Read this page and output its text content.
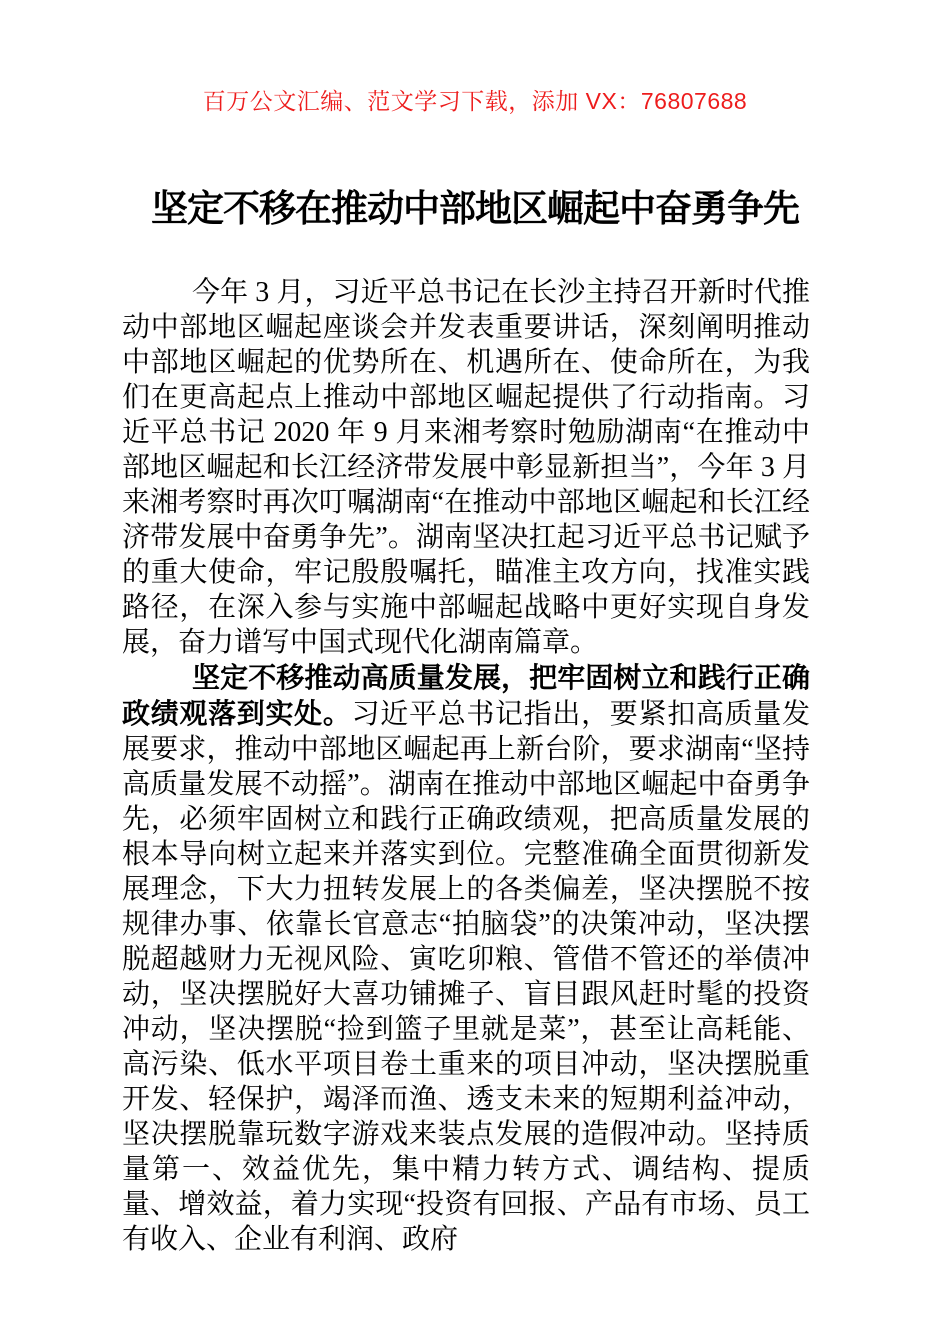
百万公文汇编、范文学习下载，添加 VX：76807688
坚定不移在推动中部地区崛起中奋勇争先

今年 3 月，习近平总书记在长沙主持召开新时代推动中部地区崛起座谈会并发表重要讲话，深刻阐明推动中部地区崛起的优势所在、机遇所在、使命所在，为我们在更高起点上推动中部地区崛起提供了行动指南。习近平总书记 2020 年 9 月来湘考察时勉励湖南“在推动中部地区崛起和长江经济带发展中彰显新担当”，今年 3 月来湘考察时再次叮嘱湖南“在推动中部地区崛起和长江经济带发展中奋勇争先”。湖南坚决扛起习近平总书记赋予的重大使命，牢记殷殷嘱托，瞄准主攻方向，找准实践路径，在深入参与实施中部崛起战略中更好实现自身发展，奋力谱写中国式现代化湖南篇章。

坚定不移推动高质量发展，把牢固树立和践行正确政绩观落到实处。习近平总书记指出，要紧扣高质量发展要求，推动中部地区崛起再上新台阶，要求湖南“坚持高质量发展不动摇”。湖南在推动中部地区崛起中奋勇争先，必须牢固树立和践行正确政绩观，把高质量发展的根本导向树立起来并落实到位。完整准确全面贯彻新发展理念，下大力扭转发展上的各类偏差，坚决摆脱不按规律办事、依靠长官意志“拍脑袋”的决策冲动，坚决摆脱超越财力无视风险、寅吃卯粮、管借不管还的举债冲动，坚决摆脱好大喜功铺摊子、盲目跟风赶时髦的投资冲动，坚决摆脱“捡到篮子里就是菜”，甚至让高耗能、高污染、低水平项目卷土重来的项目冲动，坚决摆脱重开发、轻保护，竭泽而渔、透支未来的短期利益冲动，坚决摆脱靠玩数字游戏来装点发展的造假冲动。坚持质量第一、效益优先，集中精力转方式、调结构、提质量、增效益，着力实现“投资有回报、产品有市场、员工有收入、企业有利润、政府
